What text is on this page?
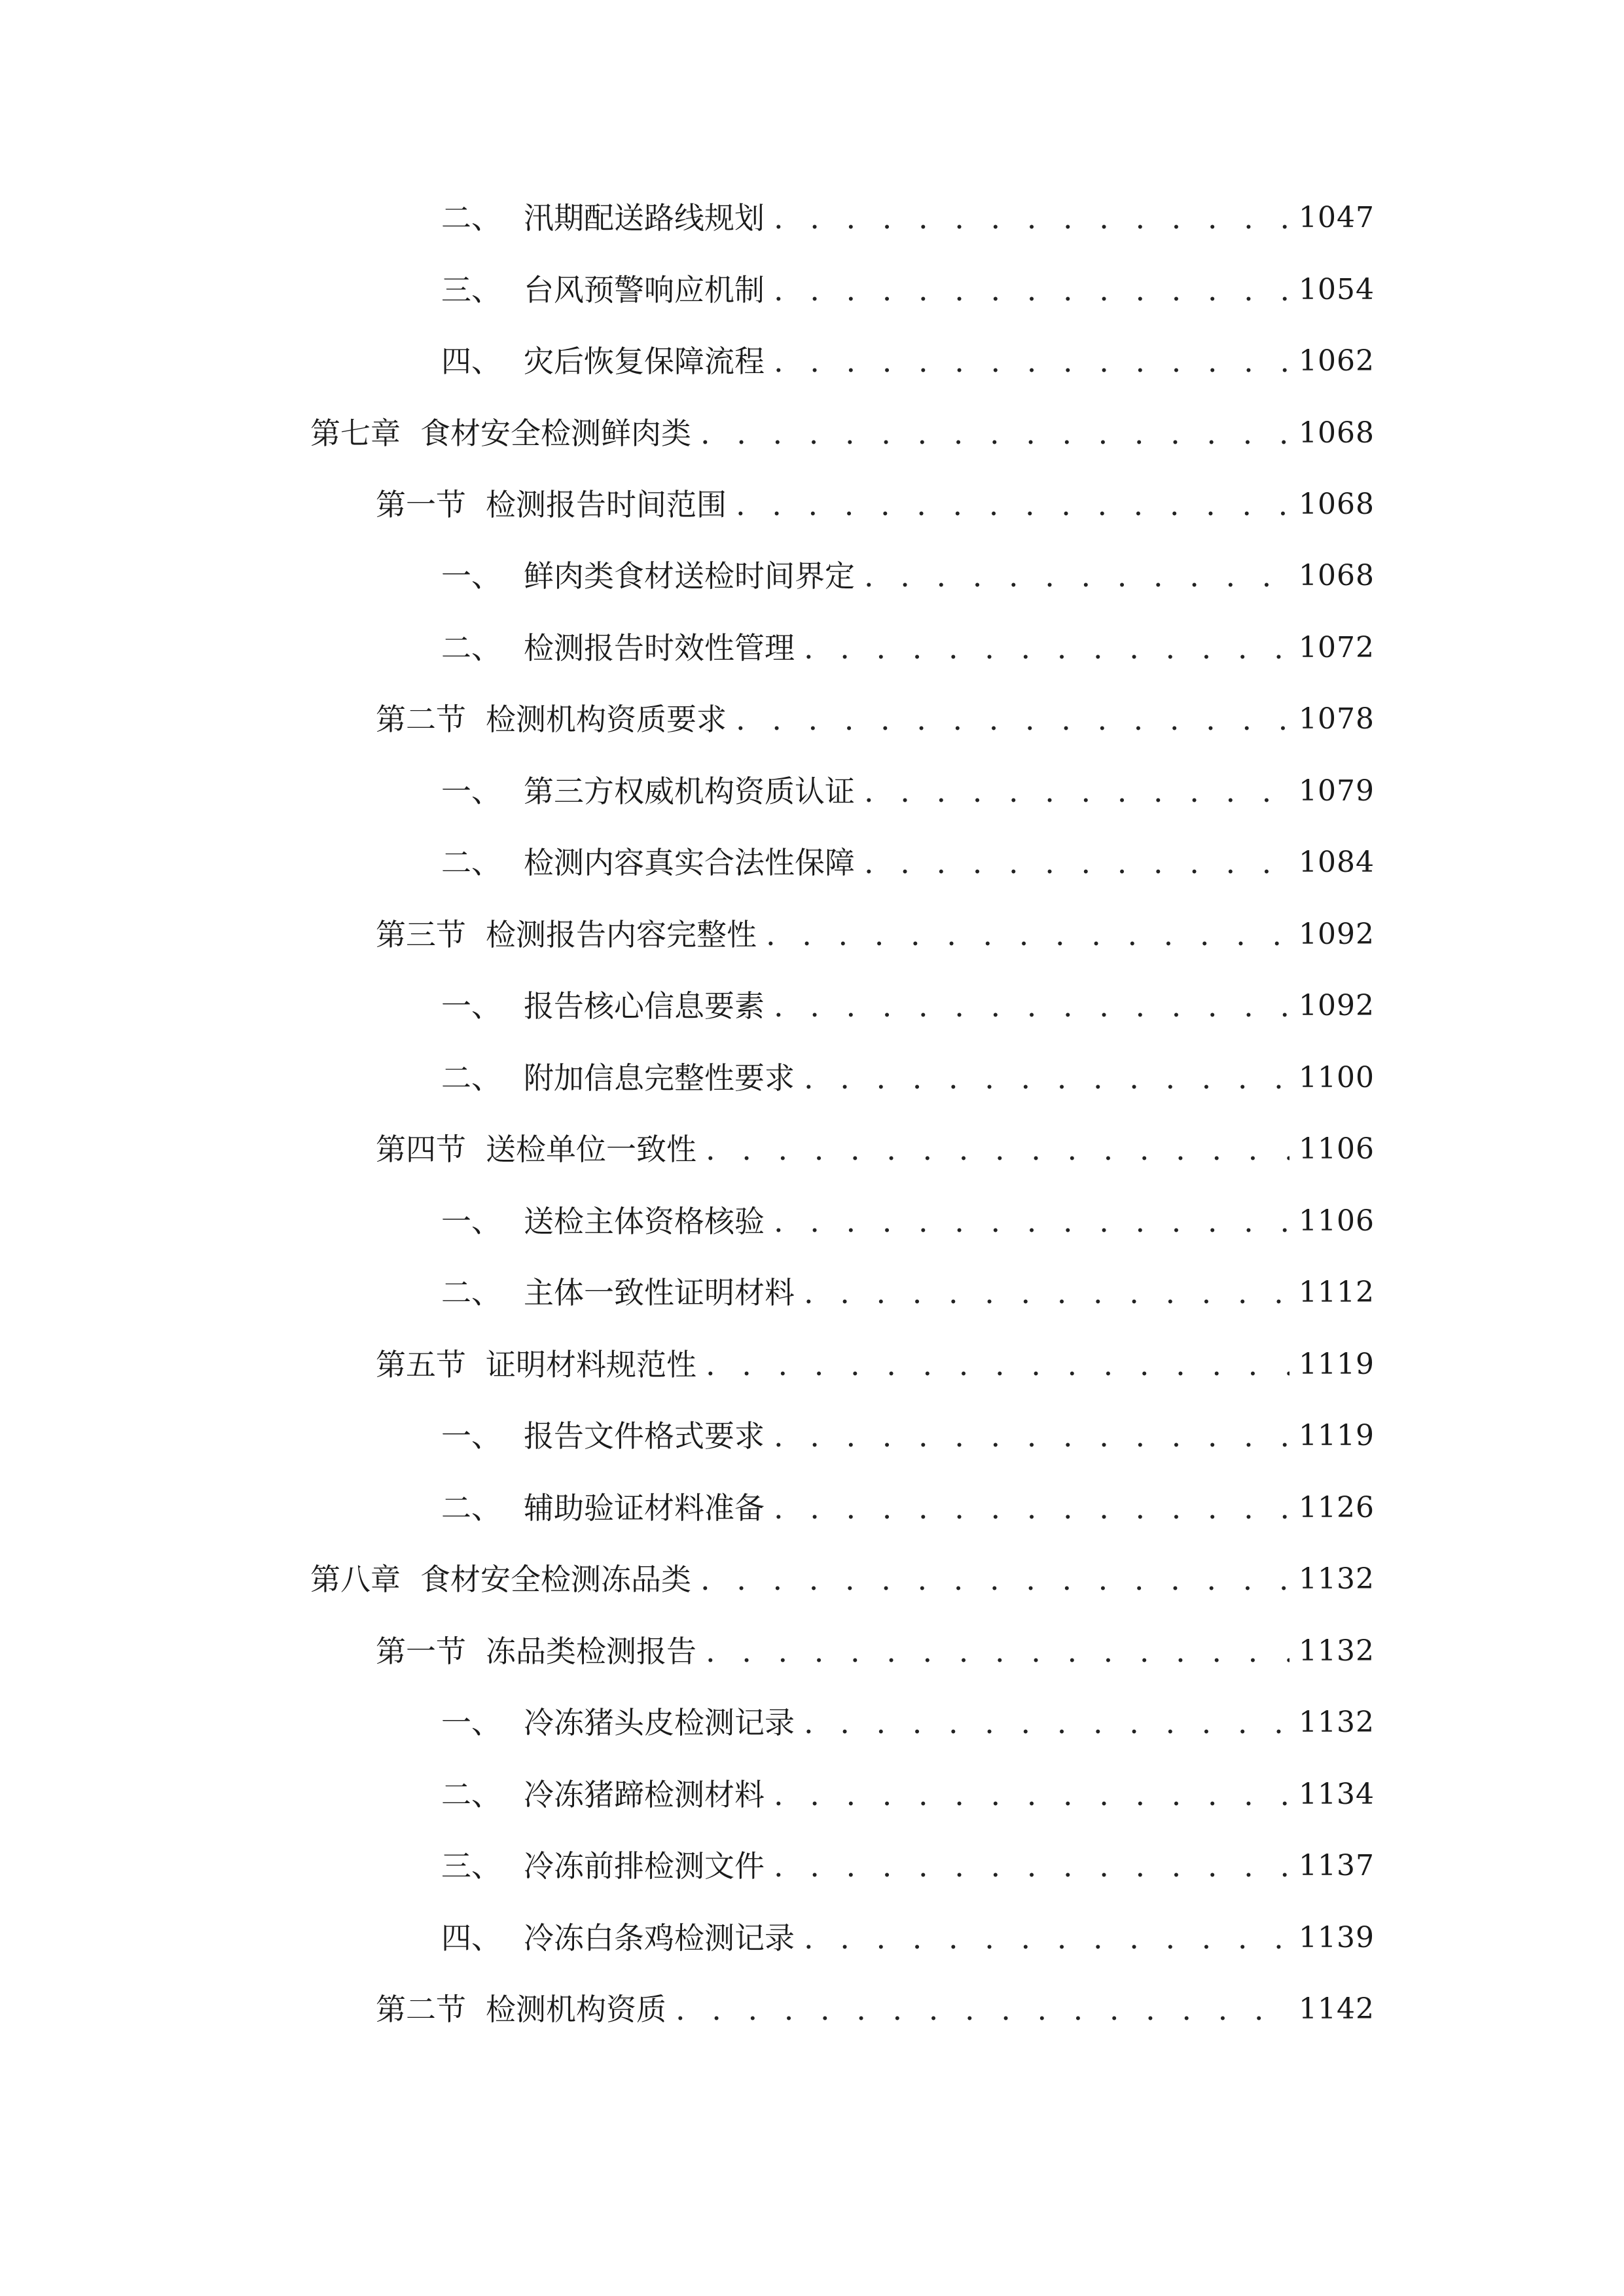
二、 汛期配送路线规划 . . .	1047
三、 台风预警响应机制 . . .	1054
四、 灾后恢复保障流程 . . .	1062
第七章 食材安全检测鲜肉类 . . .	1068
第一节 检测报告时间范围 . . .	1068
一、 鲜肉类食材送检时间界定 . . .	1068
二、 检测报告时效性管理 . . .	1072
第二节 检测机构资质要求 . . .	1078
一、 第三方权威机构资质认证 . . .	1079
二、 检测内容真实合法性保障 . . .	1084
第三节 检测报告内容完整性 . . .	1092
一、 报告核心信息要素 . . .	1092
二、 附加信息完整性要求 . . .	1100
第四节 送检单位一致性 . . .	1106
一、 送检主体资格核验 . . .	1106
二、 主体一致性证明材料 . . .	1112
第五节 证明材料规范性 . . .	1119
一、 报告文件格式要求 . . .	1119
二、 辅助验证材料准备 . . .	1126
第八章 食材安全检测冻品类 . . .	1132
第一节 冻品类检测报告 . . .	1132
一、 冷冻猪头皮检测记录 . . .	1132
二、 冷冻猪蹄检测材料 . . .	1134
三、 冷冻前排检测文件 . . .	1137
四、 冷冻白条鸡检测记录 . . .	1139
第二节 检测机构资质 . . .	1142
